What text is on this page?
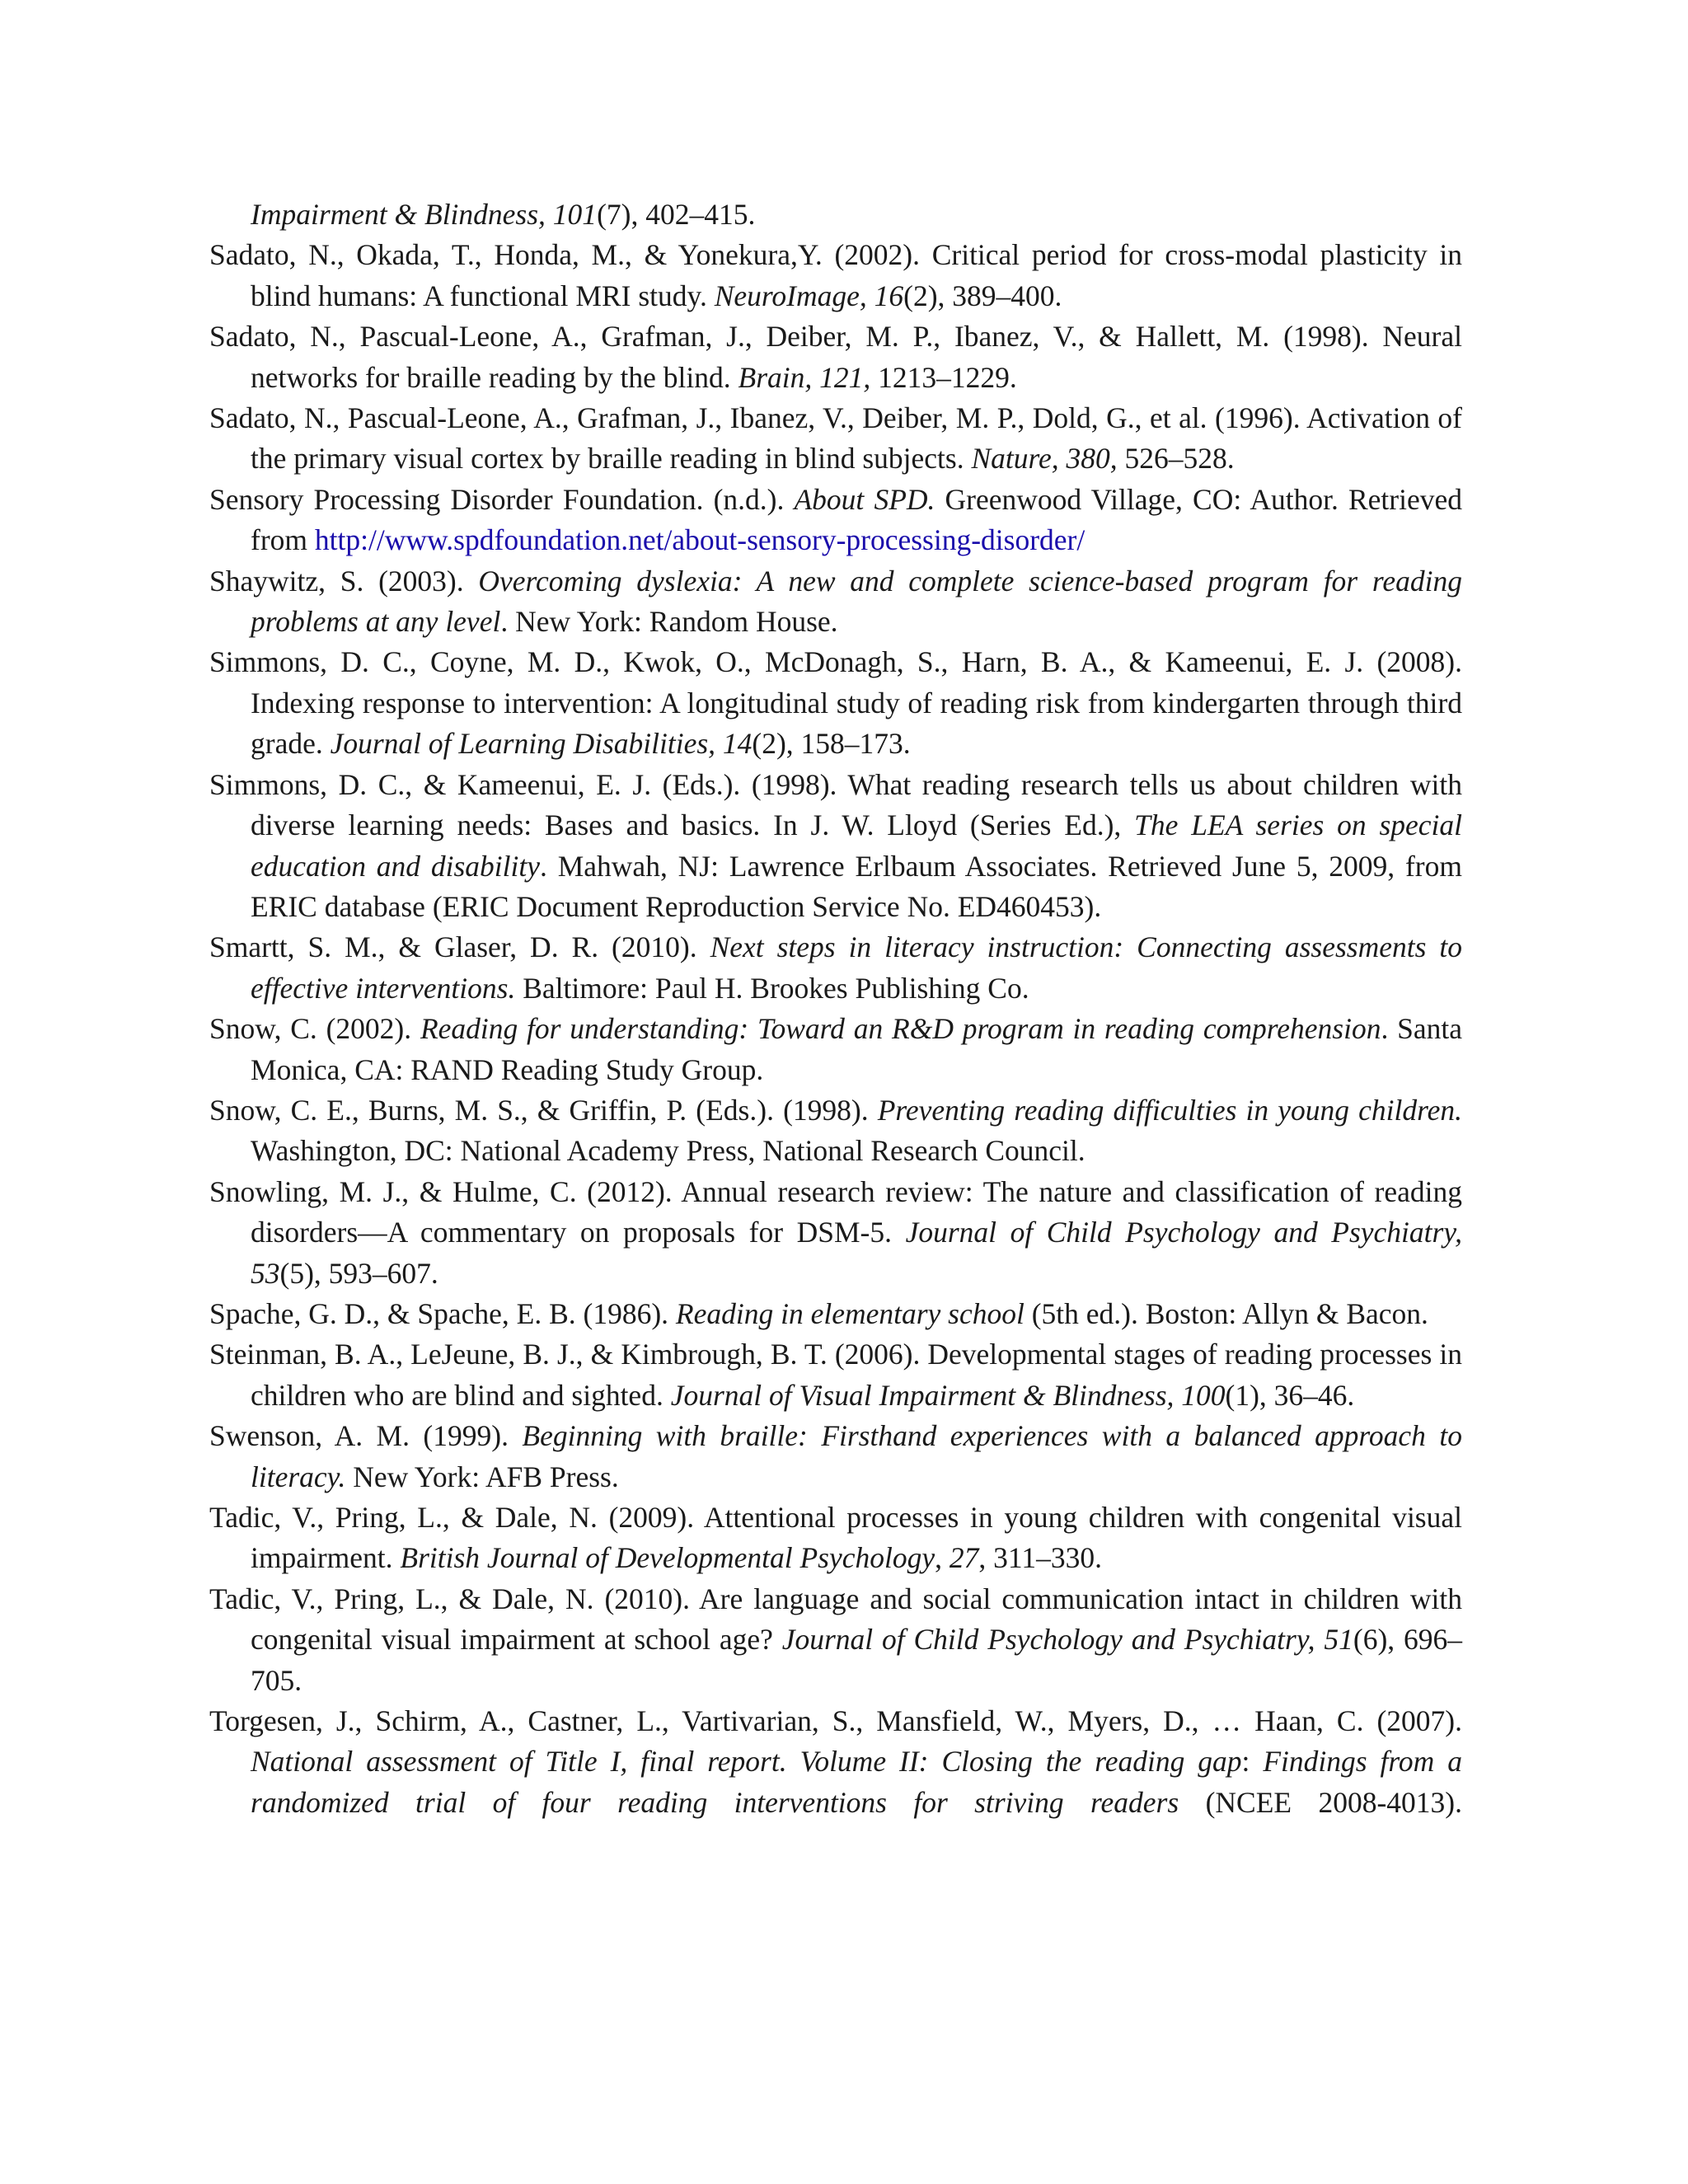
Impairment & Blindness, 101(7), 402–415.

Sadato, N., Okada, T., Honda, M., & Yonekura,Y. (2002). Critical period for cross-modal plasticity in blind humans: A functional MRI study. NeuroImage, 16(2), 389–400.

Sadato, N., Pascual-Leone, A., Grafman, J., Deiber, M. P., Ibanez, V., & Hallett, M. (1998). Neural networks for braille reading by the blind. Brain, 121, 1213–1229.

Sadato, N., Pascual-Leone, A., Grafman, J., Ibanez, V., Deiber, M. P., Dold, G., et al. (1996). Activation of the primary visual cortex by braille reading in blind subjects. Nature, 380, 526–528.

Sensory Processing Disorder Foundation. (n.d.). About SPD. Greenwood Village, CO: Author. Retrieved from http://www.spdfoundation.net/about-sensory-processing-disorder/

Shaywitz, S. (2003). Overcoming dyslexia: A new and complete science-based program for reading problems at any level. New York: Random House.

Simmons, D. C., Coyne, M. D., Kwok, O., McDonagh, S., Harn, B. A., & Kameenui, E. J. (2008). Indexing response to intervention: A longitudinal study of reading risk from kindergarten through third grade. Journal of Learning Disabilities, 14(2), 158–173.

Simmons, D. C., & Kameenui, E. J. (Eds.). (1998). What reading research tells us about children with diverse learning needs: Bases and basics. In J. W. Lloyd (Series Ed.), The LEA series on special education and disability. Mahwah, NJ: Lawrence Erlbaum Associates. Retrieved June 5, 2009, from ERIC database (ERIC Document Reproduction Service No. ED460453).

Smartt, S. M., & Glaser, D. R. (2010). Next steps in literacy instruction: Connecting assessments to effective interventions. Baltimore: Paul H. Brookes Publishing Co.

Snow, C. (2002). Reading for understanding: Toward an R&D program in reading comprehension. Santa Monica, CA: RAND Reading Study Group.

Snow, C. E., Burns, M. S., & Griffin, P. (Eds.). (1998). Preventing reading difficulties in young children. Washington, DC: National Academy Press, National Research Council.

Snowling, M. J., & Hulme, C. (2012). Annual research review: The nature and classification of reading disorders—A commentary on proposals for DSM-5. Journal of Child Psychology and Psychiatry, 53(5), 593–607.

Spache, G. D., & Spache, E. B. (1986). Reading in elementary school (5th ed.). Boston: Allyn & Bacon.

Steinman, B. A., LeJeune, B. J., & Kimbrough, B. T. (2006). Developmental stages of reading processes in children who are blind and sighted. Journal of Visual Impairment & Blindness, 100(1), 36–46.

Swenson, A. M. (1999). Beginning with braille: Firsthand experiences with a balanced approach to literacy. New York: AFB Press.

Tadic, V., Pring, L., & Dale, N. (2009). Attentional processes in young children with congenital visual impairment. British Journal of Developmental Psychology, 27, 311–330.

Tadic, V., Pring, L., & Dale, N. (2010). Are language and social communication intact in children with congenital visual impairment at school age? Journal of Child Psychology and Psychiatry, 51(6), 696–705.

Torgesen, J., Schirm, A., Castner, L., Vartivarian, S., Mansfield, W., Myers, D., … Haan, C. (2007). National assessment of Title I, final report. Volume II: Closing the reading gap: Findings from a randomized trial of four reading interventions for striving readers (NCEE 2008-4013).
